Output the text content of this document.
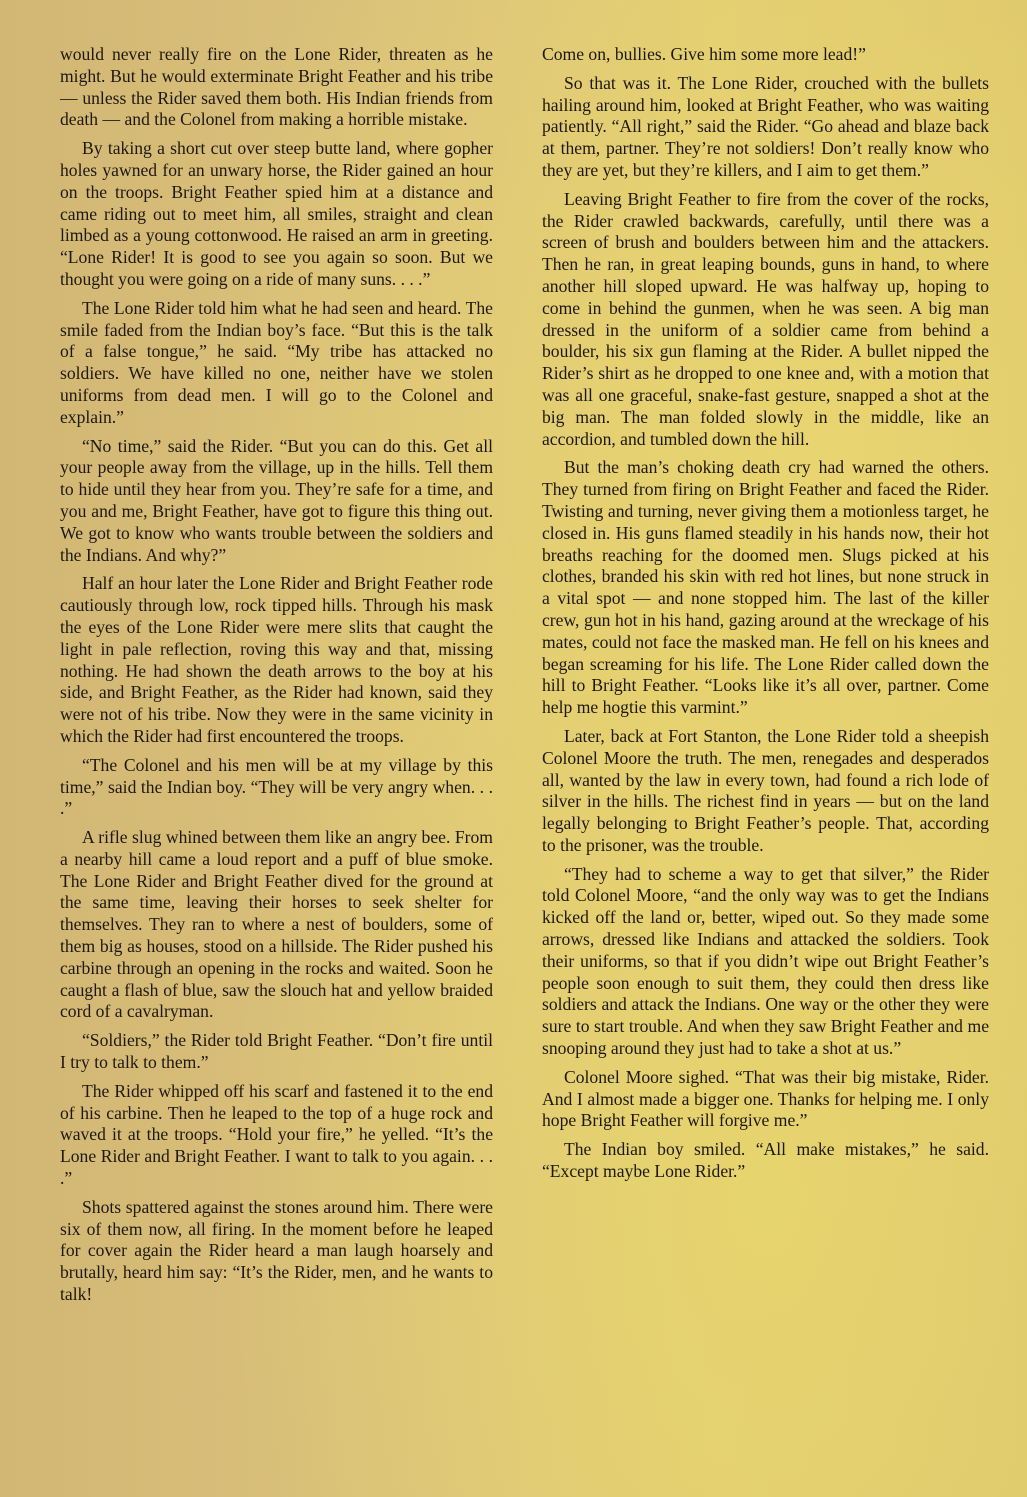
would never really fire on the Lone Rider, threaten as he might. But he would exterminate Bright Feather and his tribe — unless the Rider saved them both. His Indian friends from death — and the Colonel from making a horrible mistake.

By taking a short cut over steep butte land, where gopher holes yawned for an unwary horse, the Rider gained an hour on the troops. Bright Feather spied him at a distance and came riding out to meet him, all smiles, straight and clean limbed as a young cottonwood. He raised an arm in greeting. “Lone Rider! It is good to see you again so soon. But we thought you were going on a ride of many suns. . . .”

The Lone Rider told him what he had seen and heard. The smile faded from the Indian boy’s face. “But this is the talk of a false tongue,” he said. “My tribe has attacked no soldiers. We have killed no one, neither have we stolen uniforms from dead men. I will go to the Colonel and explain.”

“No time,” said the Rider. “But you can do this. Get all your people away from the village, up in the hills. Tell them to hide until they hear from you. They’re safe for a time, and you and me, Bright Feather, have got to figure this thing out. We got to know who wants trouble between the soldiers and the Indians. And why?”

Half an hour later the Lone Rider and Bright Feather rode cautiously through low, rock tipped hills. Through his mask the eyes of the Lone Rider were mere slits that caught the light in pale reflection, roving this way and that, missing nothing. He had shown the death arrows to the boy at his side, and Bright Feather, as the Rider had known, said they were not of his tribe. Now they were in the same vicinity in which the Rider had first encountered the troops.

“The Colonel and his men will be at my village by this time,” said the Indian boy. “They will be very angry when. . . .”

A rifle slug whined between them like an angry bee. From a nearby hill came a loud report and a puff of blue smoke. The Lone Rider and Bright Feather dived for the ground at the same time, leaving their horses to seek shelter for themselves. They ran to where a nest of boulders, some of them big as houses, stood on a hillside. The Rider pushed his carbine through an opening in the rocks and waited. Soon he caught a flash of blue, saw the slouch hat and yellow braided cord of a cavalryman.

“Soldiers,” the Rider told Bright Feather. “Don’t fire until I try to talk to them.”

The Rider whipped off his scarf and fastened it to the end of his carbine. Then he leaped to the top of a huge rock and waved it at the troops. “Hold your fire,” he yelled. “It’s the Lone Rider and Bright Feather. I want to talk to you again. . . .”

Shots spattered against the stones around him. There were six of them now, all firing. In the moment before he leaped for cover again the Rider heard a man laugh hoarsely and brutally, heard him say: “It’s the Rider, men, and he wants to talk!

Come on, bullies. Give him some more lead!”

So that was it. The Lone Rider, crouched with the bullets hailing around him, looked at Bright Feather, who was waiting patiently. “All right,” said the Rider. “Go ahead and blaze back at them, partner. They’re not soldiers! Don’t really know who they are yet, but they’re killers, and I aim to get them.”

Leaving Bright Feather to fire from the cover of the rocks, the Rider crawled backwards, carefully, until there was a screen of brush and boulders between him and the attackers. Then he ran, in great leaping bounds, guns in hand, to where another hill sloped upward. He was halfway up, hoping to come in behind the gunmen, when he was seen. A big man dressed in the uniform of a soldier came from behind a boulder, his six gun flaming at the Rider. A bullet nipped the Rider’s shirt as he dropped to one knee and, with a motion that was all one graceful, snake-fast gesture, snapped a shot at the big man. The man folded slowly in the middle, like an accordion, and tumbled down the hill.

But the man’s choking death cry had warned the others. They turned from firing on Bright Feather and faced the Rider. Twisting and turning, never giving them a motionless target, he closed in. His guns flamed steadily in his hands now, their hot breaths reaching for the doomed men. Slugs picked at his clothes, branded his skin with red hot lines, but none struck in a vital spot — and none stopped him. The last of the killer crew, gun hot in his hand, gazing around at the wreckage of his mates, could not face the masked man. He fell on his knees and began screaming for his life. The Lone Rider called down the hill to Bright Feather. “Looks like it’s all over, partner. Come help me hogtie this varmint.”

Later, back at Fort Stanton, the Lone Rider told a sheepish Colonel Moore the truth. The men, renegades and desperados all, wanted by the law in every town, had found a rich lode of silver in the hills. The richest find in years — but on the land legally belonging to Bright Feather’s people. That, according to the prisoner, was the trouble.

“They had to scheme a way to get that silver,” the Rider told Colonel Moore, “and the only way was to get the Indians kicked off the land or, better, wiped out. So they made some arrows, dressed like Indians and attacked the soldiers. Took their uniforms, so that if you didn’t wipe out Bright Feather’s people soon enough to suit them, they could then dress like soldiers and attack the Indians. One way or the other they were sure to start trouble. And when they saw Bright Feather and me snooping around they just had to take a shot at us.”

Colonel Moore sighed. “That was their big mistake, Rider. And I almost made a bigger one. Thanks for helping me. I only hope Bright Feather will forgive me.”

The Indian boy smiled. “All make mistakes,” he said. “Except maybe Lone Rider.”
